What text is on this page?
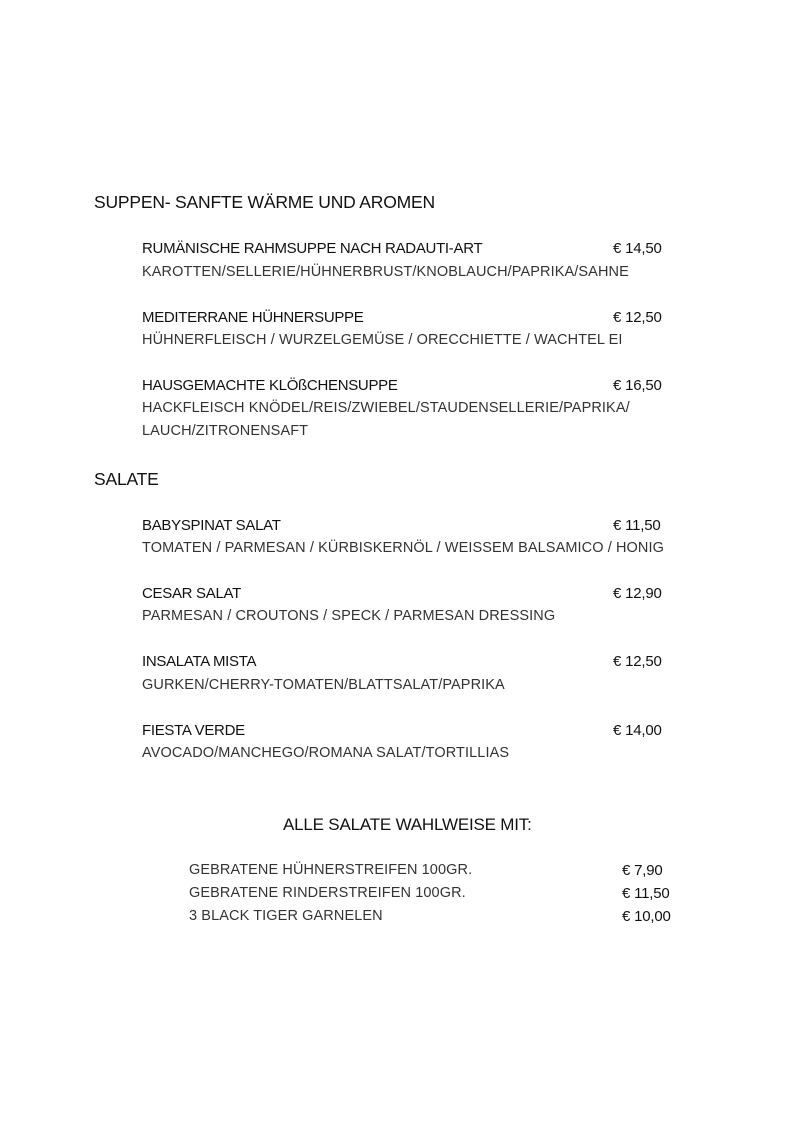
SUPPEN- SANFTE WÄRME UND AROMEN
RUMÄNISCHE RAHMSUPPE NACH RADAUTI-ART	€ 14,50
KAROTTEN/SELLERIE/HÜHNERBRUST/KNOBLAUCH/PAPRIKA/SAHNE
MEDITERRANE HÜHNERSUPPE	€ 12,50
HÜHNERFLEISCH / WURZELGEMÜSE / ORECCHIETTE / WACHTEL EI
HAUSGEMACHTE KLÖßCHENSUPPE	€ 16,50
HACKFLEISCH KNÖDEL/REIS/ZWIEBEL/STAUDENSELLERIE/PAPRIKA/
LAUCH/ZITRONENSAFT
SALATE
BABYSPINAT SALAT	€ 11,50
TOMATEN / PARMESAN / KÜRBISKERNÖL / WEISSEM BALSAMICO / HONIG
CESAR SALAT	€ 12,90
PARMESAN / CROUTONS / SPECK / PARMESAN DRESSING
INSALATA MISTA	€ 12,50
GURKEN/CHERRY-TOMATEN/BLATTSALAT/PAPRIKA
FIESTA VERDE	€ 14,00
AVOCADO/MANCHEGO/ROMANA SALAT/TORTILLIAS
ALLE SALATE WAHLWEISE MIT:
GEBRATENE HÜHNERSTREIFEN 100GR.	€ 7,90
GEBRATENE RINDERSTREIFEN 100GR.	€ 11,50
3 BLACK TIGER GARNELEN	€ 10,00
